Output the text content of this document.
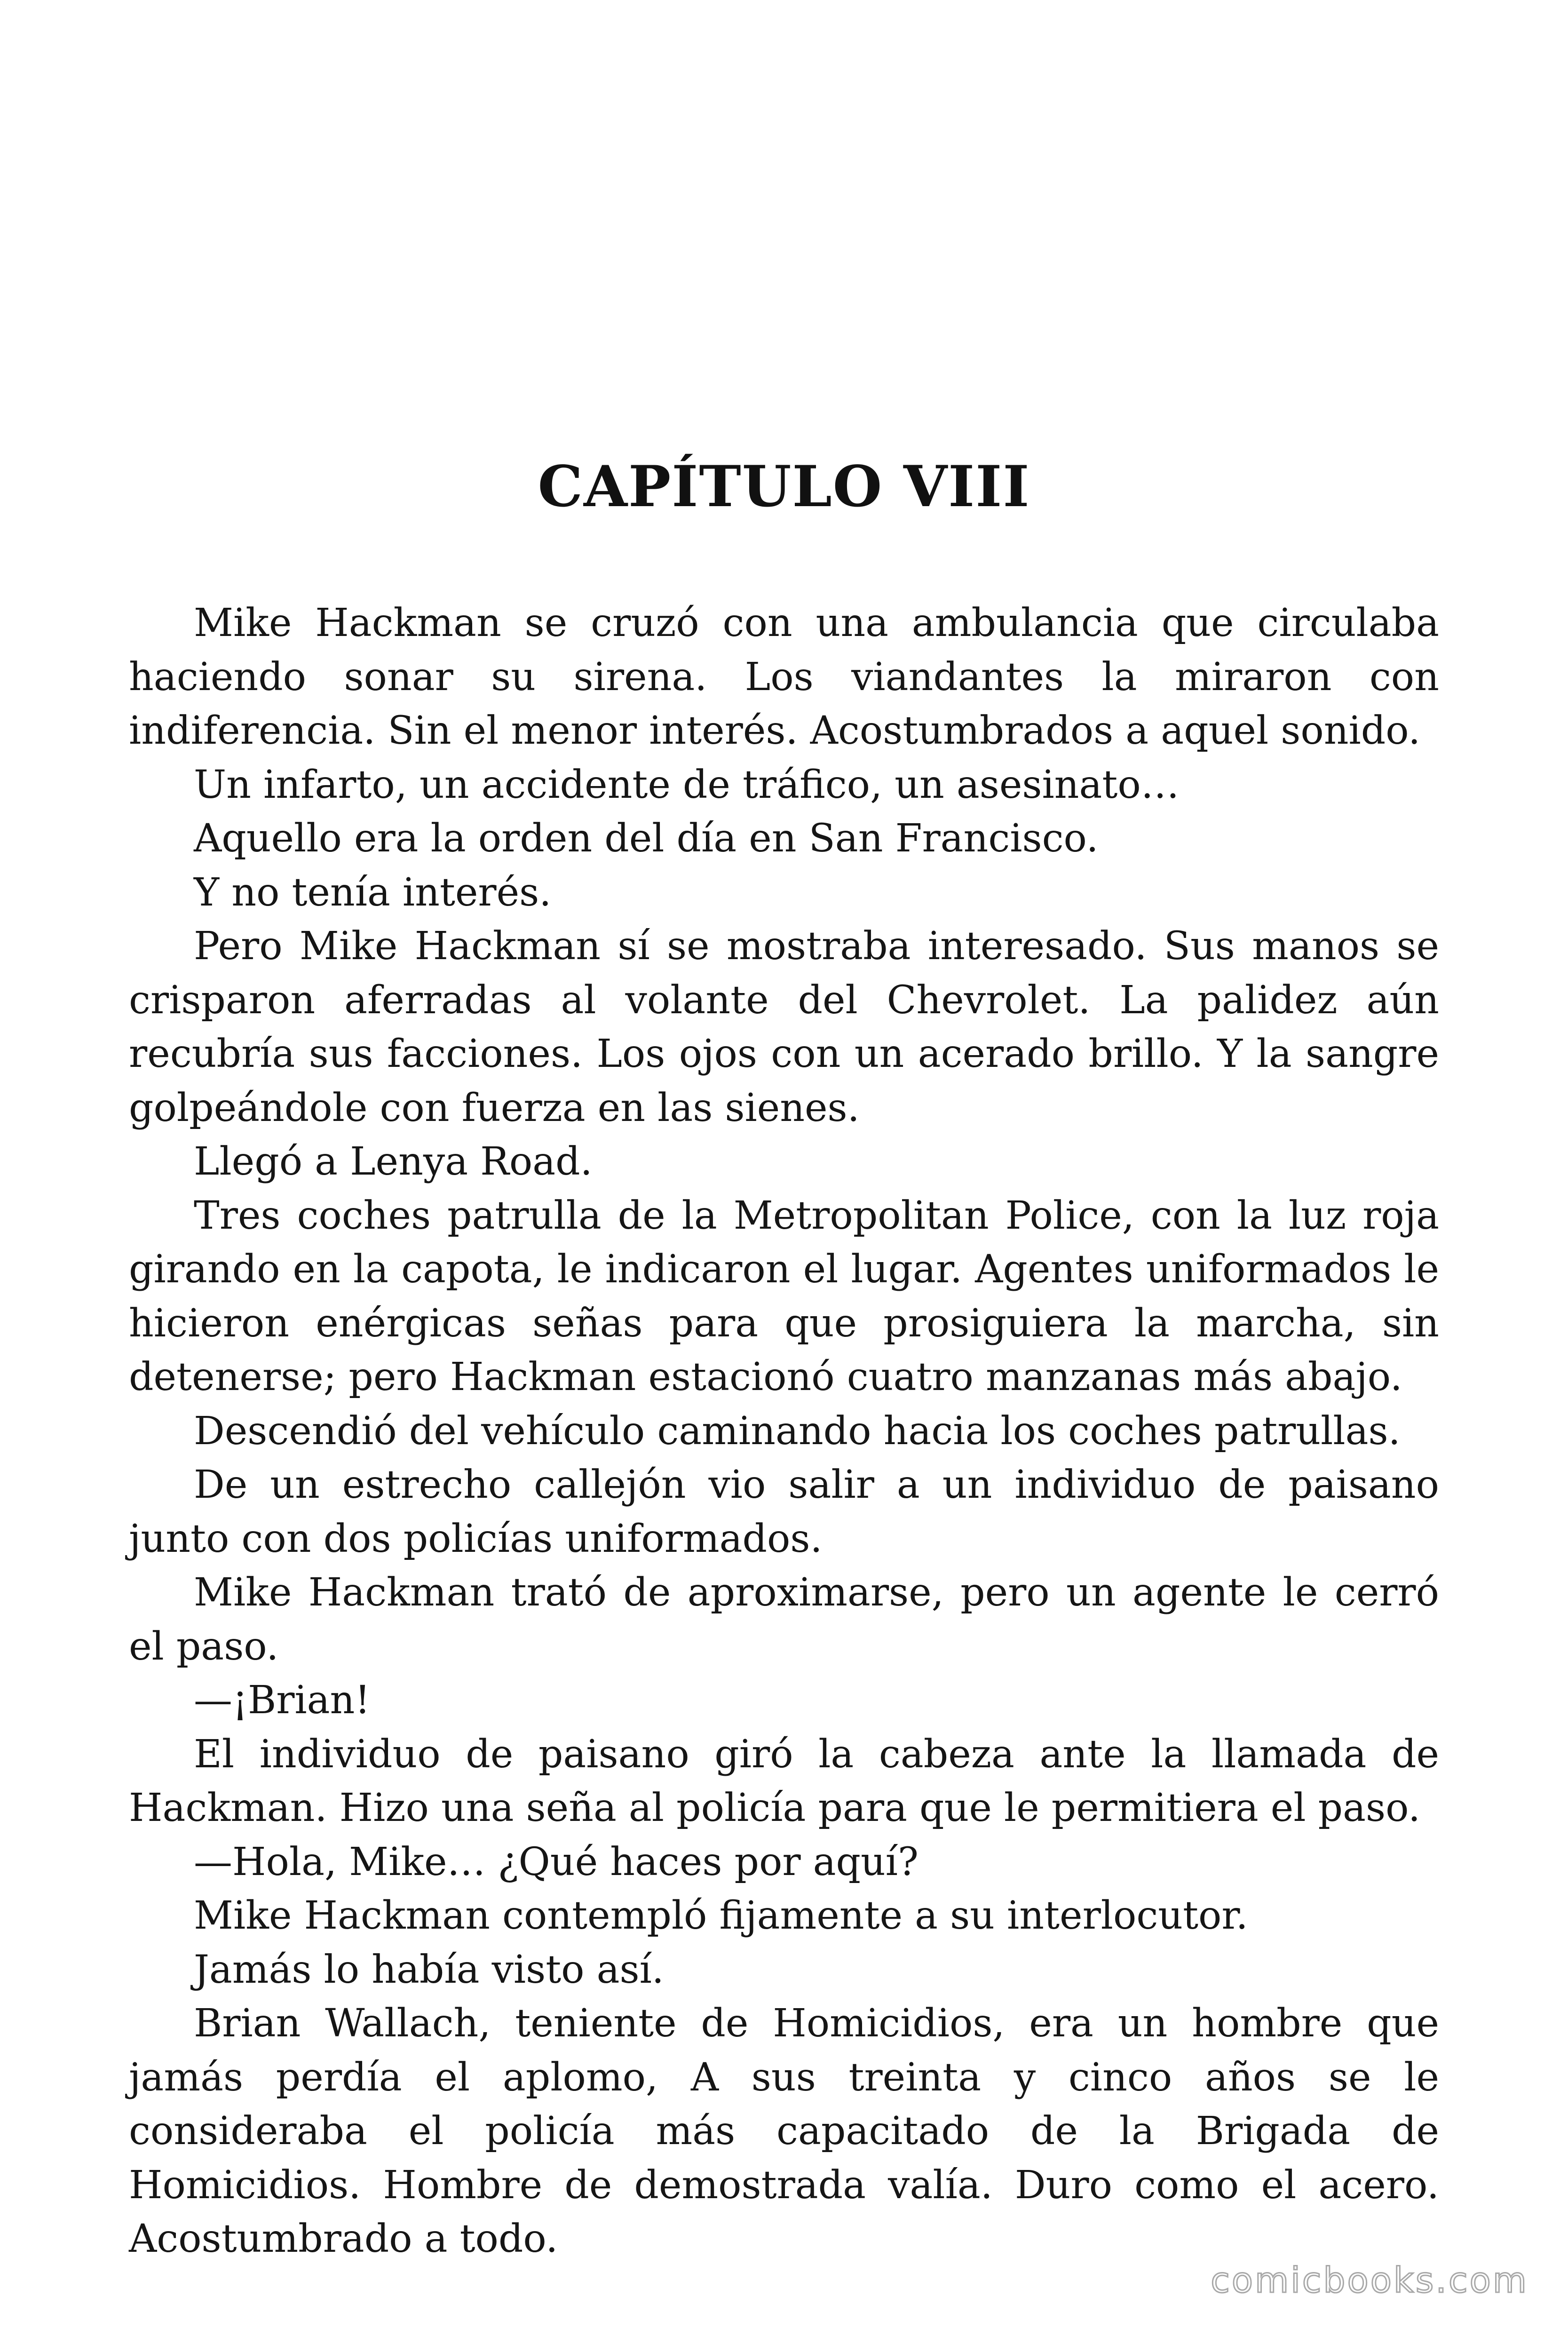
CAPÍTULO VIII

Mike Hackman se cruzó con una ambulancia que circulaba haciendo sonar su sirena. Los viandantes la miraron con indiferencia. Sin el menor interés. Acostumbrados a aquel sonido.

Un infarto, un accidente de tráfico, un asesinato…

Aquello era la orden del día en San Francisco.

Y no tenía interés.

Pero Mike Hackman sí se mostraba interesado. Sus manos se crisparon aferradas al volante del Chevrolet. La palidez aún recubría sus facciones. Los ojos con un acerado brillo. Y la sangre golpeándole con fuerza en las sienes.

Llegó a Lenya Road.

Tres coches patrulla de la Metropolitan Police, con la luz roja girando en la capota, le indicaron el lugar. Agentes uniformados le hicieron enérgicas señas para que prosiguiera la marcha, sin detenerse; pero Hackman estacionó cuatro manzanas más abajo.

Descendió del vehículo caminando hacia los coches patrullas.

De un estrecho callejón vio salir a un individuo de paisano junto con dos policías uniformados.

Mike Hackman trató de aproximarse, pero un agente le cerró el paso.

—¡Brian!

El individuo de paisano giró la cabeza ante la llamada de Hackman. Hizo una seña al policía para que le permitiera el paso.

—Hola, Mike… ¿Qué haces por aquí?

Mike Hackman contempló fijamente a su interlocutor.

Jamás lo había visto así.

Brian Wallach, teniente de Homicidios, era un hombre que jamás perdía el aplomo, A sus treinta y cinco años se le consideraba el policía más capacitado de la Brigada de Homicidios. Hombre de demostrada valía. Duro como el acero. Acostumbrado a todo.

comicbooks.com
